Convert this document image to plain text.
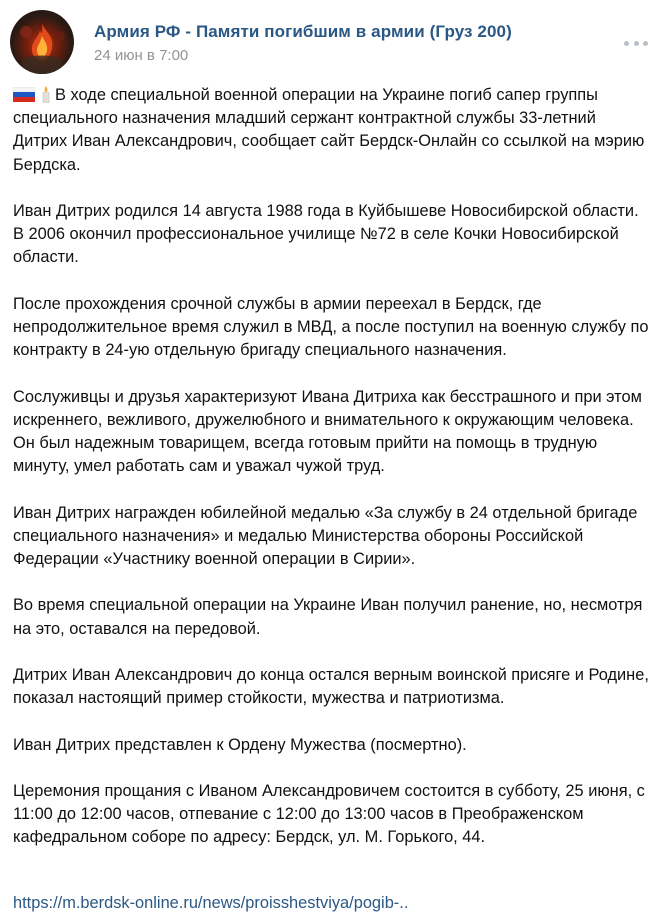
Армия РФ - Памяти погибшим в армии (Груз 200)
24 июн в 7:00

В ходе специальной военной операции на Украине погиб сапер группы специального назначения младший сержант контрактной службы 33-летний Дитрих Иван Александрович, сообщает сайт Бердск-Онлайн со ссылкой на мэрию Бердска.

Иван Дитрих родился 14 августа 1988 года в Куйбышеве Новосибирской области. В 2006 окончил профессиональное училище №72 в селе Кочки Новосибирской области.

После прохождения срочной службы в армии переехал в Бердск, где непродолжительное время служил в МВД, а после поступил на военную службу по контракту в 24-ую отдельную бригаду специального назначения.

Сослуживцы и друзья характеризуют Ивана Дитриха как бесстрашного и при этом искреннего, вежливого, дружелюбного и внимательного к окружающим человека. Он был надежным товарищем, всегда готовым прийти на помощь в трудную минуту, умел работать сам и уважал чужой труд.

Иван Дитрих награжден юбилейной медалью «За службу в 24 отдельной бригаде специального назначения» и медалью Министерства обороны Российской Федерации «Участнику военной операции в Сирии».

Во время специальной операции на Украине Иван получил ранение, но, несмотря на это, оставался на передовой.

Дитрих Иван Александрович до конца остался верным воинской присяге и Родине, показал настоящий пример стойкости, мужества и патриотизма.

Иван Дитрих представлен к Ордену Мужества (посмертно).

Церемония прощания с Иваном Александровичем состоится в субботу, 25 июня, с 11:00 до 12:00 часов, отпевание с 12:00 до 13:00 часов в Преображенском кафедральном соборе по адресу: Бердск, ул. М. Горького, 44.

https://m.berdsk-online.ru/news/proisshestviya/pogib-..
